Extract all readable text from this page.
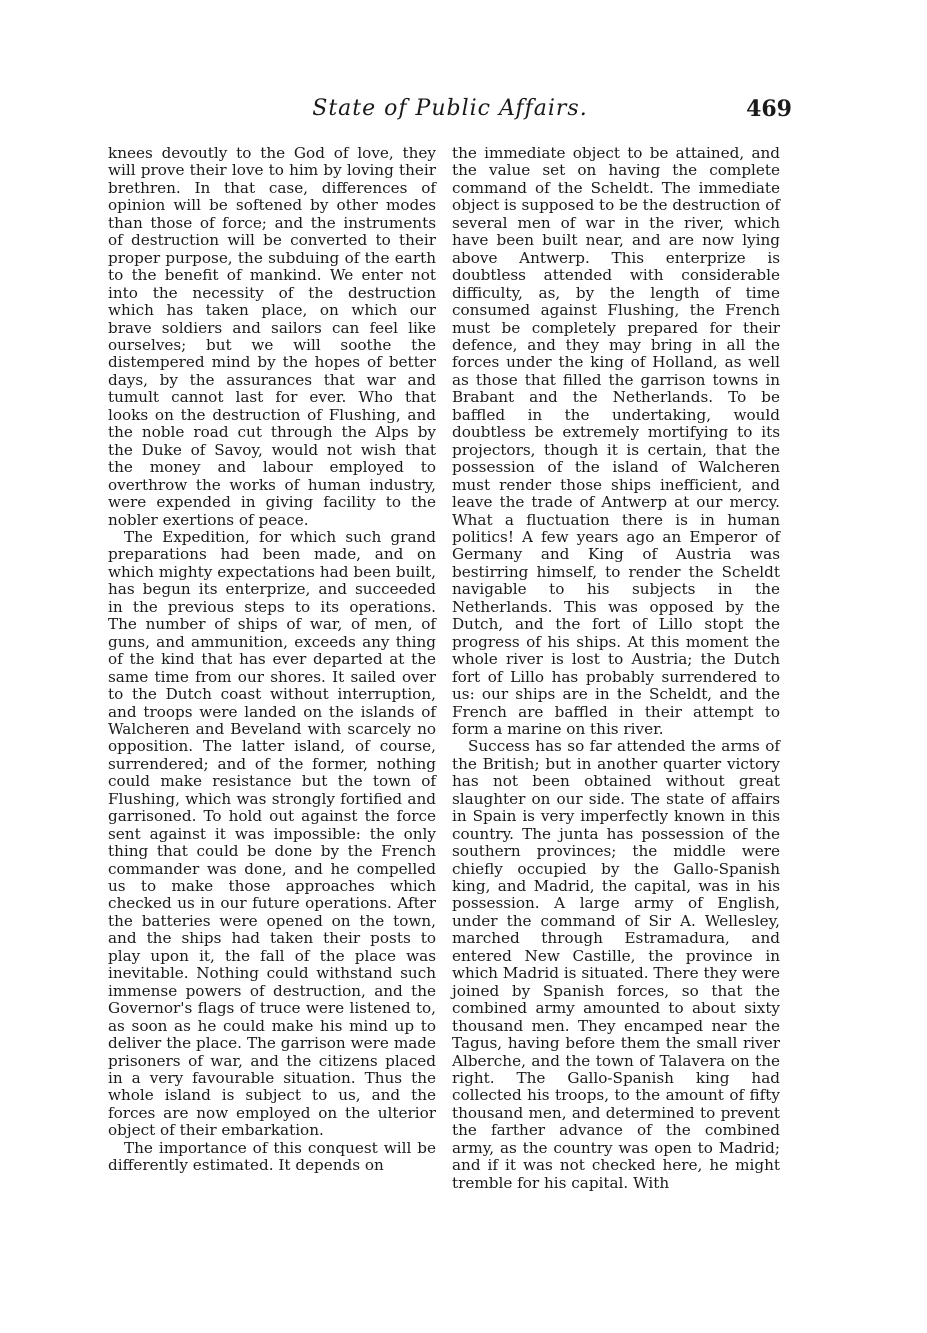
State of Public Affairs.	469

knees devoutly to the God of love, they will prove their love to him by loving their brethren. In that case, differences of opinion will be softened by other modes than those of force; and the instruments of destruction will be converted to their proper purpose, the subduing of the earth to the benefit of mankind. We enter not into the necessity of the destruction which has taken place, on which our brave soldiers and sailors can feel like ourselves; but we will soothe the distempered mind by the hopes of better days, by the assurances that war and tumult cannot last for ever. Who that looks on the destruction of Flushing, and the noble road cut through the Alps by the Duke of Savoy, would not wish that the money and labour employed to overthrow the works of human industry, were expended in giving facility to the nobler exertions of peace.

The Expedition, for which such grand preparations had been made, and on which mighty expectations had been built, has begun its enterprize, and succeeded in the previous steps to its operations. The number of ships of war, of men, of guns, and ammunition, exceeds any thing of the kind that has ever departed at the same time from our shores. It sailed over to the Dutch coast without interruption, and troops were landed on the islands of Walcheren and Beveland with scarcely no opposition. The latter island, of course, surrendered; and of the former, nothing could make resistance but the town of Flushing, which was strongly fortified and garrisoned. To hold out against the force sent against it was impossible: the only thing that could be done by the French commander was done, and he compelled us to make those approaches which checked us in our future operations. After the batteries were opened on the town, and the ships had taken their posts to play upon it, the fall of the place was inevitable. Nothing could withstand such immense powers of destruction, and the Governor's flags of truce were listened to, as soon as he could make his mind up to deliver the place. The garrison were made prisoners of war, and the citizens placed in a very favourable situation. Thus the whole island is subject to us, and the forces are now employed on the ulterior object of their embarkation.

The importance of this conquest will be differently estimated. It depends on

the immediate object to be attained, and the value set on having the complete command of the Scheldt. The immediate object is supposed to be the destruction of several men of war in the river, which have been built near, and are now lying above Antwerp. This enterprize is doubtless attended with considerable difficulty, as, by the length of time consumed against Flushing, the French must be completely prepared for their defence, and they may bring in all the forces under the king of Holland, as well as those that filled the garrison towns in Brabant and the Netherlands. To be baffled in the undertaking, would doubtless be extremely mortifying to its projectors, though it is certain, that the possession of the island of Walcheren must render those ships inefficient, and leave the trade of Antwerp at our mercy. What a fluctuation there is in human politics! A few years ago an Emperor of Germany and King of Austria was bestirring himself, to render the Scheldt navigable to his subjects in the Netherlands. This was opposed by the Dutch, and the fort of Lillo stopt the progress of his ships. At this moment the whole river is lost to Austria; the Dutch fort of Lillo has probably surrendered to us: our ships are in the Scheldt, and the French are baffled in their attempt to form a marine on this river.

Success has so far attended the arms of the British; but in another quarter victory has not been obtained without great slaughter on our side. The state of affairs in Spain is very imperfectly known in this country. The junta has possession of the southern provinces; the middle were chiefly occupied by the Gallo-Spanish king, and Madrid, the capital, was in his possession. A large army of English, under the command of Sir A. Wellesley, marched through Estramadura, and entered New Castille, the province in which Madrid is situated. There they were joined by Spanish forces, so that the combined army amounted to about sixty thousand men. They encamped near the Tagus, having before them the small river Alberche, and the town of Talavera on the right. The Gallo-Spanish king had collected his troops, to the amount of fifty thousand men, and determined to prevent the farther advance of the combined army, as the country was open to Madrid; and if it was not checked here, he might tremble for his capital. With
